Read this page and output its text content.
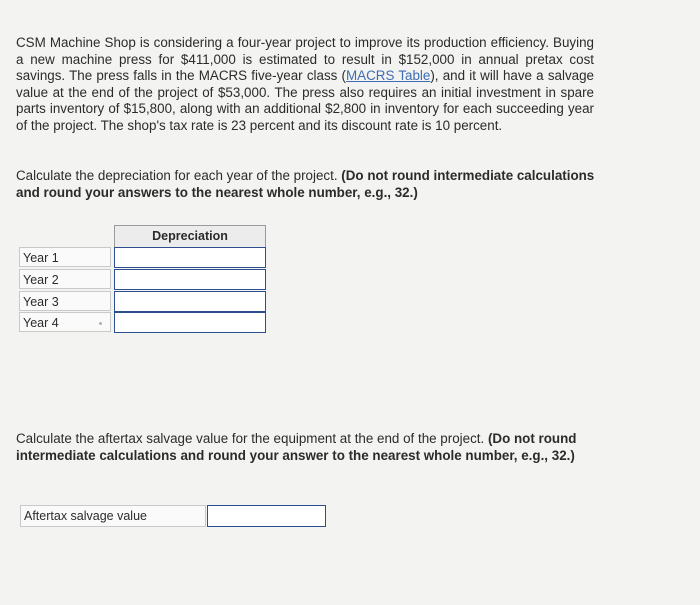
CSM Machine Shop is considering a four-year project to improve its production efficiency. Buying a new machine press for $411,000 is estimated to result in $152,000 in annual pretax cost savings. The press falls in the MACRS five-year class (MACRS Table), and it will have a salvage value at the end of the project of $53,000. The press also requires an initial investment in spare parts inventory of $15,800, along with an additional $2,800 in inventory for each succeeding year of the project. The shop's tax rate is 23 percent and its discount rate is 10 percent.

Calculate the depreciation for each year of the project. (Do not round intermediate calculations and round your answers to the nearest whole number, e.g., 32.)

Depreciation
Year 1
Year 2
Year 3
Year 4

Calculate the aftertax salvage value for the equipment at the end of the project. (Do not round intermediate calculations and round your answer to the nearest whole number, e.g., 32.)

Aftertax salvage value
